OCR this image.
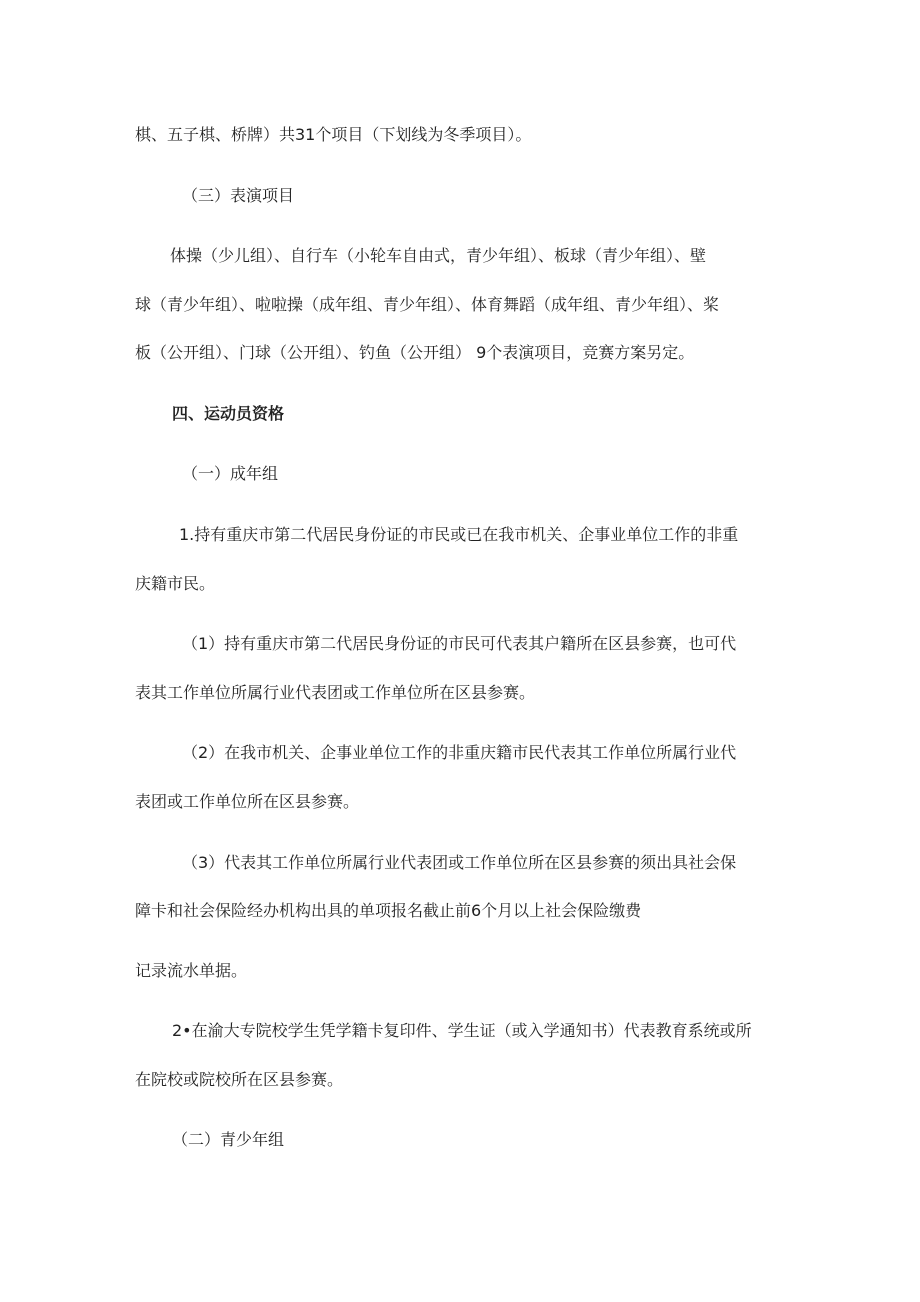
棋、五子棋、桥牌）共31个项目（下划线为冬季项目）。
（三）表演项目
体操（少儿组）、自行车（小轮车自由式，青少年组）、板球（青少年组）、壁
球（青少年组）、啦啦操（成年组、青少年组）、体育舞蹈（成年组、青少年组）、桨
板（公开组）、门球（公开组）、钓鱼（公开组） 9个表演项目，竞赛方案另定。
四、运动员资格
（一）成年组
1.持有重庆市第二代居民身份证的市民或已在我市机关、企事业单位工作的非重
庆籍市民。
（1）持有重庆市第二代居民身份证的市民可代表其户籍所在区县参赛，也可代
表其工作单位所属行业代表团或工作单位所在区县参赛。
（2）在我市机关、企事业单位工作的非重庆籍市民代表其工作单位所属行业代
表团或工作单位所在区县参赛。
（3）代表其工作单位所属行业代表团或工作单位所在区县参赛的须出具社会保
障卡和社会保险经办机构出具的单项报名截止前6个月以上社会保险缴费
记录流水单据。
2•在渝大专院校学生凭学籍卡复印件、学生证（或入学通知书）代表教育系统或所
在院校或院校所在区县参赛。
（二）青少年组
